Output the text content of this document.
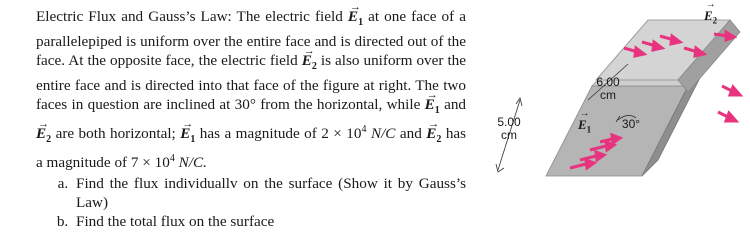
Electric Flux and Gauss’s Law: The electric field → $E_1$ at one face of a parallelepiped is uniform over the entire face and is directed out of the face. At the opposite face, the electric field → $E_2$ is also uniform over the entire face and is directed into that face of the figure at right. The two faces in question are inclined at 30° from the horizontal, while → $E_1$ and → $E_2$ are both horizontal; → $E_1$ has a magnitude of $2 \times 10^4$ N/C and → $E_2$ has a magnitude of $7 \times 10^4$ N/C.

a. Find the flux individuallv on the surface (Show it by Gauss’s Law)
b. Find the total flux on the surface
6.00
cm
5.00
cm
30°
→ $E_1$
→ $E_2$
